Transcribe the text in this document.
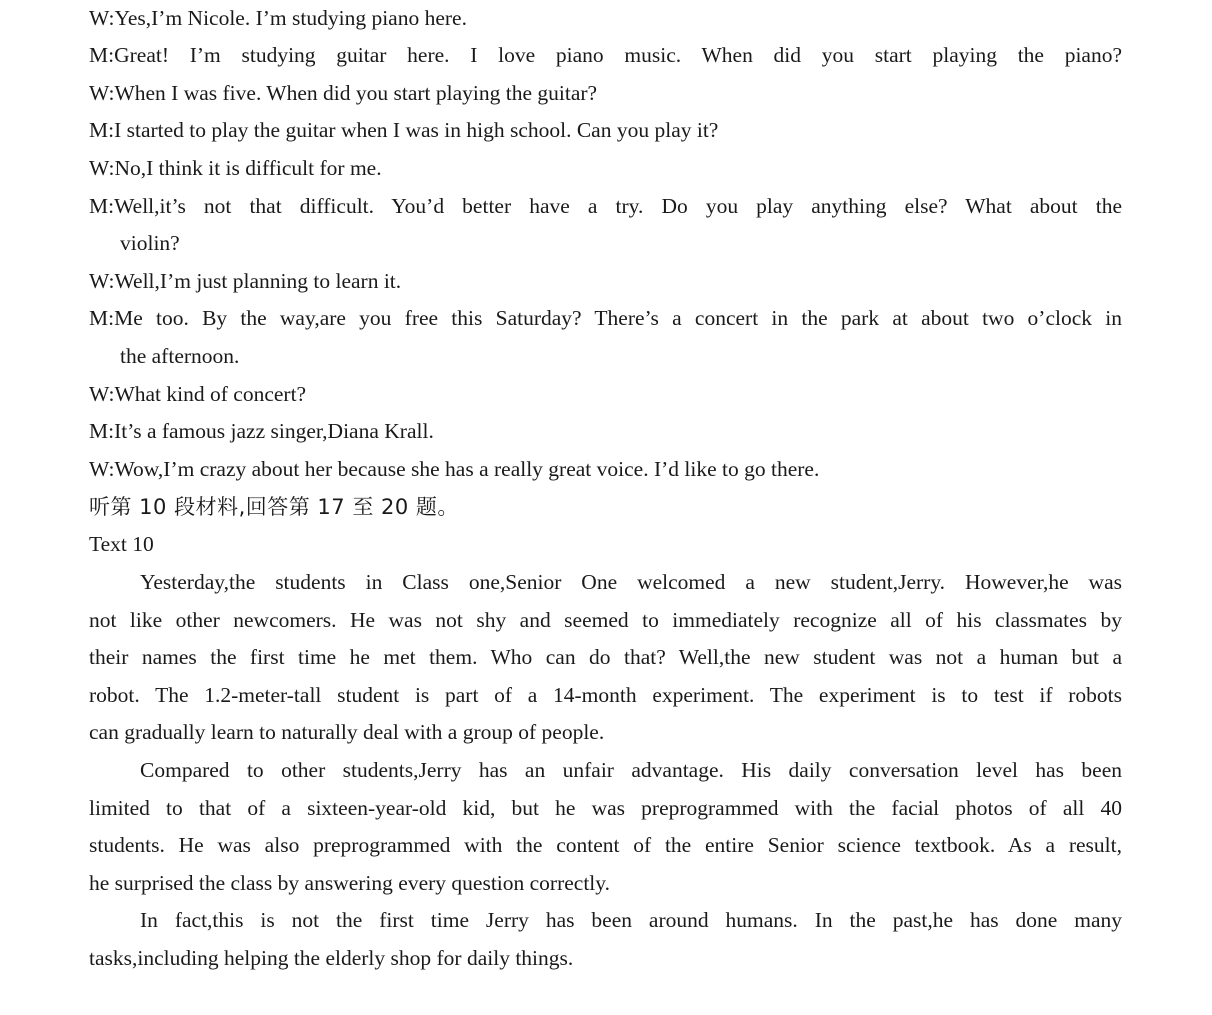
W:Yes,I’m Nicole. I’m studying piano here.
M:Great! I’m studying guitar here. I love piano music. When did you start playing the piano?
W:When I was five. When did you start playing the guitar?
M:I started to play the guitar when I was in high school. Can you play it?
W:No,I think it is difficult for me.
M:Well,it’s not that difficult. You’d better have a try. Do you play anything else? What about the
violin?
W:Well,I’m just planning to learn it.
M:Me too. By the way,are you free this Saturday? There’s a concert in the park at about two o’clock in
the afternoon.
W:What kind of concert?
M:It’s a famous jazz singer,Diana Krall.
W:Wow,I’m crazy about her because she has a really great voice. I’d like to go there.
听第 10 段材料,回答第 17 至 20 题。
Text 10
Yesterday,the students in Class one,Senior One welcomed a new student,Jerry. However,he was
not like other newcomers. He was not shy and seemed to immediately recognize all of his classmates by
their names the first time he met them. Who can do that? Well,the new student was not a human but a
robot. The 1.2-meter-tall student is part of a 14-month experiment. The experiment is to test if robots
can gradually learn to naturally deal with a group of people.
Compared to other students,Jerry has an unfair advantage. His daily conversation level has been
limited to that of a sixteen-year-old kid, but he was preprogrammed with the facial photos of all 40
students. He was also preprogrammed with the content of the entire Senior science textbook. As a result,
he surprised the class by answering every question correctly.
In fact,this is not the first time Jerry has been around humans. In the past,he has done many
tasks,including helping the elderly shop for daily things.
